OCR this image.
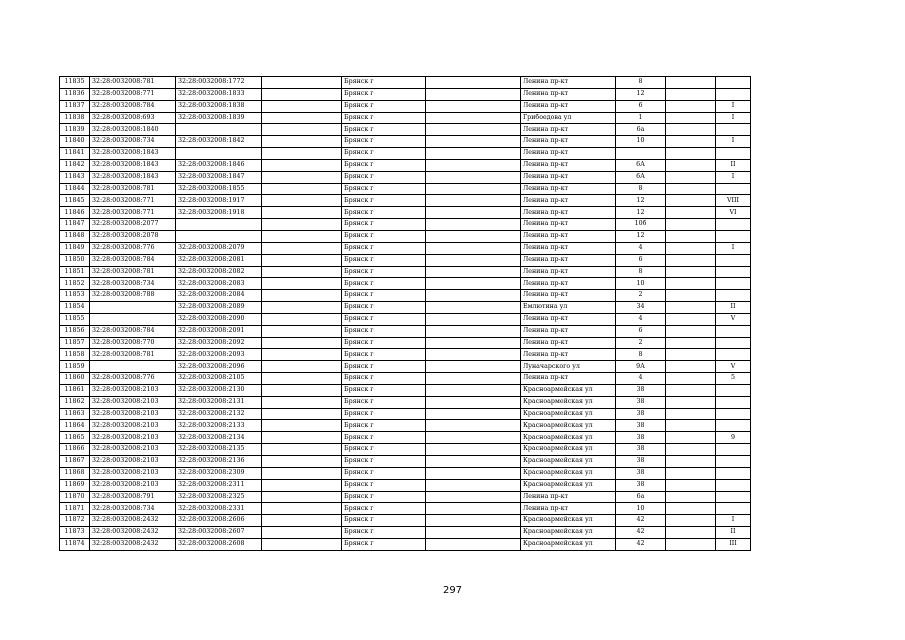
11835	32:28:0032008:781	32:28:0032008:1772		Брянск г		Ленина пр-кт	8		
11836	32:28:0032008:771	32:28:0032008:1833		Брянск г		Ленина пр-кт	12		
11837	32:28:0032008:784	32:28:0032008:1838		Брянск г		Ленина пр-кт	6		I
11838	32:28:0032008:693	32:28:0032008:1839		Брянск г		Грибоедова ул	1		I
11839	32:28:0032008:1840			Брянск г		Ленина пр-кт	6а		
11840	32:28:0032008:734	32:28:0032008:1842		Брянск г		Ленина пр-кт	10		I
11841	32:28:0032008:1843			Брянск г		Ленина пр-кт			
11842	32:28:0032008:1843	32:28:0032008:1846		Брянск г		Ленина пр-кт	6А		II
11843	32:28:0032008:1843	32:28:0032008:1847		Брянск г		Ленина пр-кт	6А		I
11844	32:28:0032008:781	32:28:0032008:1855		Брянск г		Ленина пр-кт	8		
11845	32:28:0032008:771	32:28:0032008:1917		Брянск г		Ленина пр-кт	12		VIII
11846	32:28:0032008:771	32:28:0032008:1918		Брянск г		Ленина пр-кт	12		VI
11847	32:28:0032008:2077			Брянск г		Ленина пр-кт	10б		
11848	32:28:0032008:2078			Брянск г		Ленина пр-кт	12		
11849	32:28:0032008:776	32:28:0032008:2079		Брянск г		Ленина пр-кт	4		I
11850	32:28:0032008:784	32:28:0032008:2081		Брянск г		Ленина пр-кт	6		
11851	32:28:0032008:781	32:28:0032008:2082		Брянск г		Ленина пр-кт	8		
11852	32:28:0032008:734	32:28:0032008:2083		Брянск г		Ленина пр-кт	10		
11853	32:28:0032008:788	32:28:0032008:2084		Брянск г		Ленина пр-кт	2		
11854		32:28:0032008:2089		Брянск г		Емлютина ул	34		II
11855		32:28:0032008:2090		Брянск г		Ленина пр-кт	4		V
11856	32:28:0032008:784	32:28:0032008:2091		Брянск г		Ленина пр-кт	6		
11857	32:28:0032008:770	32:28:0032008:2092		Брянск г		Ленина пр-кт	2		
11858	32:28:0032008:781	32:28:0032008:2093		Брянск г		Ленина пр-кт	8		
11859		32:28:0032008:2096		Брянск г		Луначарского ул	9А		V
11860	32:28:0032008:776	32:28:0032008:2105		Брянск г		Ленина пр-кт	4		5
11861	32:28:0032008:2103	32:28:0032008:2130		Брянск г		Красноармейская ул	38		
11862	32:28:0032008:2103	32:28:0032008:2131		Брянск г		Красноармейская ул	38		
11863	32:28:0032008:2103	32:28:0032008:2132		Брянск г		Красноармейская ул	38		
11864	32:28:0032008:2103	32:28:0032008:2133		Брянск г		Красноармейская ул	38		
11865	32:28:0032008:2103	32:28:0032008:2134		Брянск г		Красноармейская ул	38		9
11866	32:28:0032008:2103	32:28:0032008:2135		Брянск г		Красноармейская ул	38		
11867	32:28:0032008:2103	32:28:0032008:2136		Брянск г		Красноармейская ул	38		
11868	32:28:0032008:2103	32:28:0032008:2309		Брянск г		Красноармейская ул	38		
11869	32:28:0032008:2103	32:28:0032008:2311		Брянск г		Красноармейская ул	38		
11870	32:28:0032008:791	32:28:0032008:2325		Брянск г		Ленина пр-кт	6а		
11871	32:28:0032008:734	32:28:0032008:2331		Брянск г		Ленина пр-кт	10		
11872	32:28:0032008:2432	32:28:0032008:2606		Брянск г		Красноармейская ул	42		I
11873	32:28:0032008:2432	32:28:0032008:2607		Брянск г		Красноармейская ул	42		II
11874	32:28:0032008:2432	32:28:0032008:2608		Брянск г		Красноармейская ул	42		III
297
